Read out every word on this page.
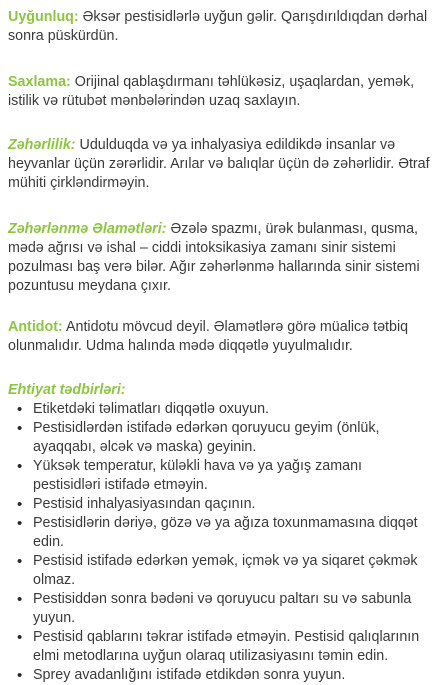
Uyğunluq: Əksər pestisidlərlə uyğun gəlir. Qarışdırıldıqdan dərhal sonra püskürdün.

Saxlama: Orijinal qablaşdırmanı təhlükəsiz, uşaqlardan, yemək, istilik və rütubət mənbələrindən uzaq saxlayın.

Zəhərlilik: Udulduqda və ya inhalyasiya edildikdə insanlar və heyvanlar üçün zərərlidir. Arılar və balıqlar üçün də zəhərlidir. Ətraf mühiti çirkləndirməyin.

Zəhərlənmə Əlamətləri: Əzələ spazmı, ürək bulanması, qusma, mədə ağrısı və ishal – ciddi intoksikasiya zamanı sinir sistemi pozulması baş verə bilər. Ağır zəhərlənmə hallarında sinir sistemi pozuntusu meydana çıxır.

Antidot: Antidotu mövcud deyil. Əlamətlərə görə müalicə tətbiq olunmalıdır. Udma halında mədə diqqətlə yuyulmalıdır.

Ehtiyat tədbirləri:
• Etiketdəki təlimatları diqqətlə oxuyun.
• Pestisidlərdən istifadə edərkən qoruyucu geyim (önlük, ayaqqabı, əlcək və maska) geyinin.
• Yüksək temperatur, küləkli hava və ya yağış zamanı pestisidləri istifadə etməyin.
• Pestisid inhalyasiyasından qaçının.
• Pestisidlərin dəriyə, gözə və ya ağıza toxunmamasına diqqət edin.
• Pestisid istifadə edərkən yemək, içmək və ya siqaret çəkmək olmaz.
• Pestisiddən sonra bədəni və qoruyucu paltarı su və sabunla yuyun.
• Pestisid qablarını təkrar istifadə etməyin. Pestisid qalıqlarının elmi metodlarına uyğun olaraq utilizasiyasını təmin edin.
• Sprey avadanlığını istifadə etdikdən sonra yuyun.
